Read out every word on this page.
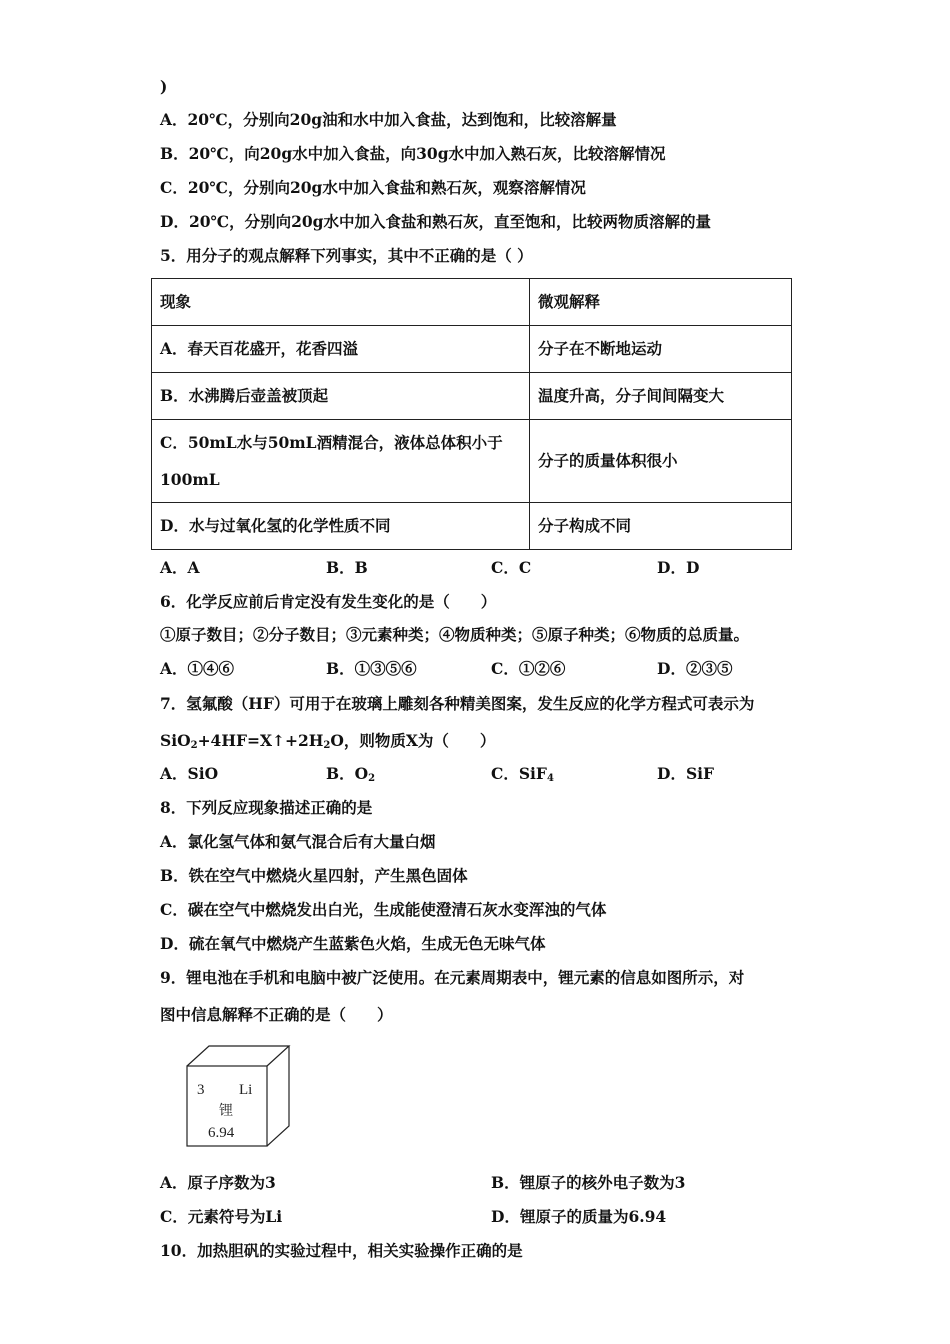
)
A．20℃，分别向20g油和水中加入食盐，达到饱和，比较溶解量
B．20℃，向20g水中加入食盐，向30g水中加入熟石灰，比较溶解情况
C．20℃，分别向20g水中加入食盐和熟石灰，观察溶解情况
D．20℃，分别向20g水中加入食盐和熟石灰，直至饱和，比较两物质溶解的量
5．用分子的观点解释下列事实，其中不正确的是（ ）
现象	微观解释
A．春天百花盛开，花香四溢	分子在不断地运动
B．水沸腾后壶盖被顶起	温度升高，分子间间隔变大

C．50mL水与50mL酒精混合，液体总体积小于
100mL	分子的质量体积很小
D．水与过氧化氢的化学性质不同	分子构成不同
A．A	B．B	C．C	D．D
6．化学反应前后肯定没有发生变化的是（　　）
①原子数目；②分子数目；③元素种类；④物质种类；⑤原子种类；⑥物质的总质量。
A．①④⑥	B．①③⑤⑥	C．①②⑥	D．②③⑤
7．氢氟酸（HF）可用于在玻璃上雕刻各种精美图案，发生反应的化学方程式可表示为
$SiO_2+4HF=X↑+2H_2O$，则物质X为（　　）
A．SiO	B．$O_2$	C．SiF$_4$	D．SiF
8．下列反应现象描述正确的是
A．氯化氢气体和氨气混合后有大量白烟
B．铁在空气中燃烧火星四射，产生黑色固体
C．碳在空气中燃烧发出白光，生成能使澄清石灰水变浑浊的气体
D．硫在氧气中燃烧产生蓝紫色火焰，生成无色无味气体
9．锂电池在手机和电脑中被广泛使用。在元素周期表中，锂元素的信息如图所示，对
图中信息解释不正确的是（　　）
3 Li
锂
6.94
A．原子序数为3	B．锂原子的核外电子数为3
C．元素符号为Li	D．锂原子的质量为6.94
10．加热胆矾的实验过程中，相关实验操作正确的是
